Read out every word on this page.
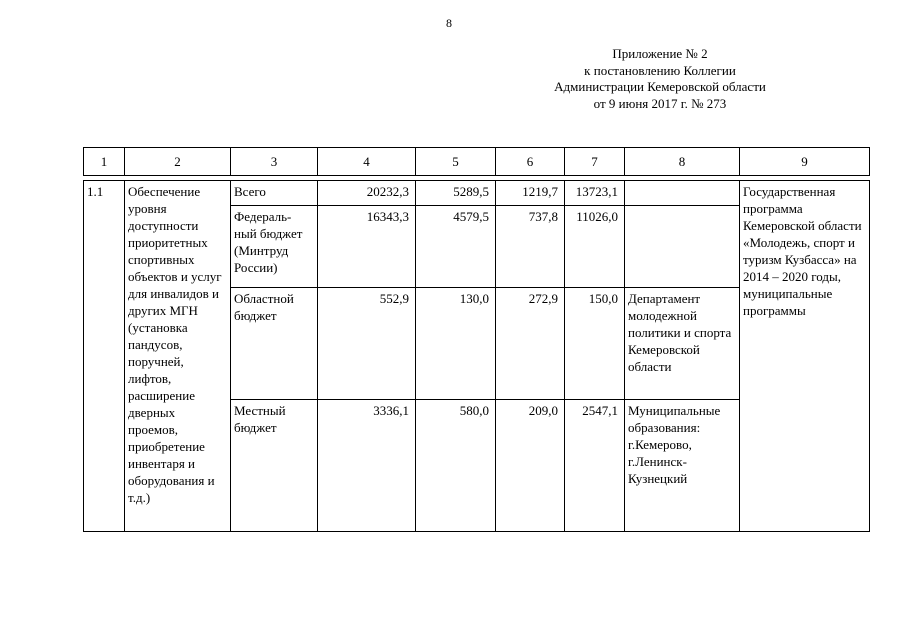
8
Приложение № 2
к постановлению Коллегии
Администрации Кемеровской области
от 9 июня 2017 г. № 273
1	2	3	4	5	6	7	8	9

1.1	Обеспечение уровня доступности приоритетных спортивных объектов и услуг для инвалидов и других МГН (установка пандусов, поручней, лифтов, расширение дверных проемов, приобретение инвентаря и оборудования и т.д.)	Всего	20232,3	5289,5	1219,7	13723,1		Государственная программа Кемеровской области «Молодежь, спорт и туризм Кузбасса» на 2014 – 2020 годы, муниципальные программы
		Федераль-ный бюджет (Минтруд России)	16343,3	4579,5	737,8	11026,0		
		Областной бюджет	552,9	130,0	272,9	150,0	Департамент молодежной политики и спорта Кемеровской области	
		Местный бюджет	3336,1	580,0	209,0	2547,1	Муниципальные образования: г.Кемерово, г.Ленинск-Кузнецкий	
